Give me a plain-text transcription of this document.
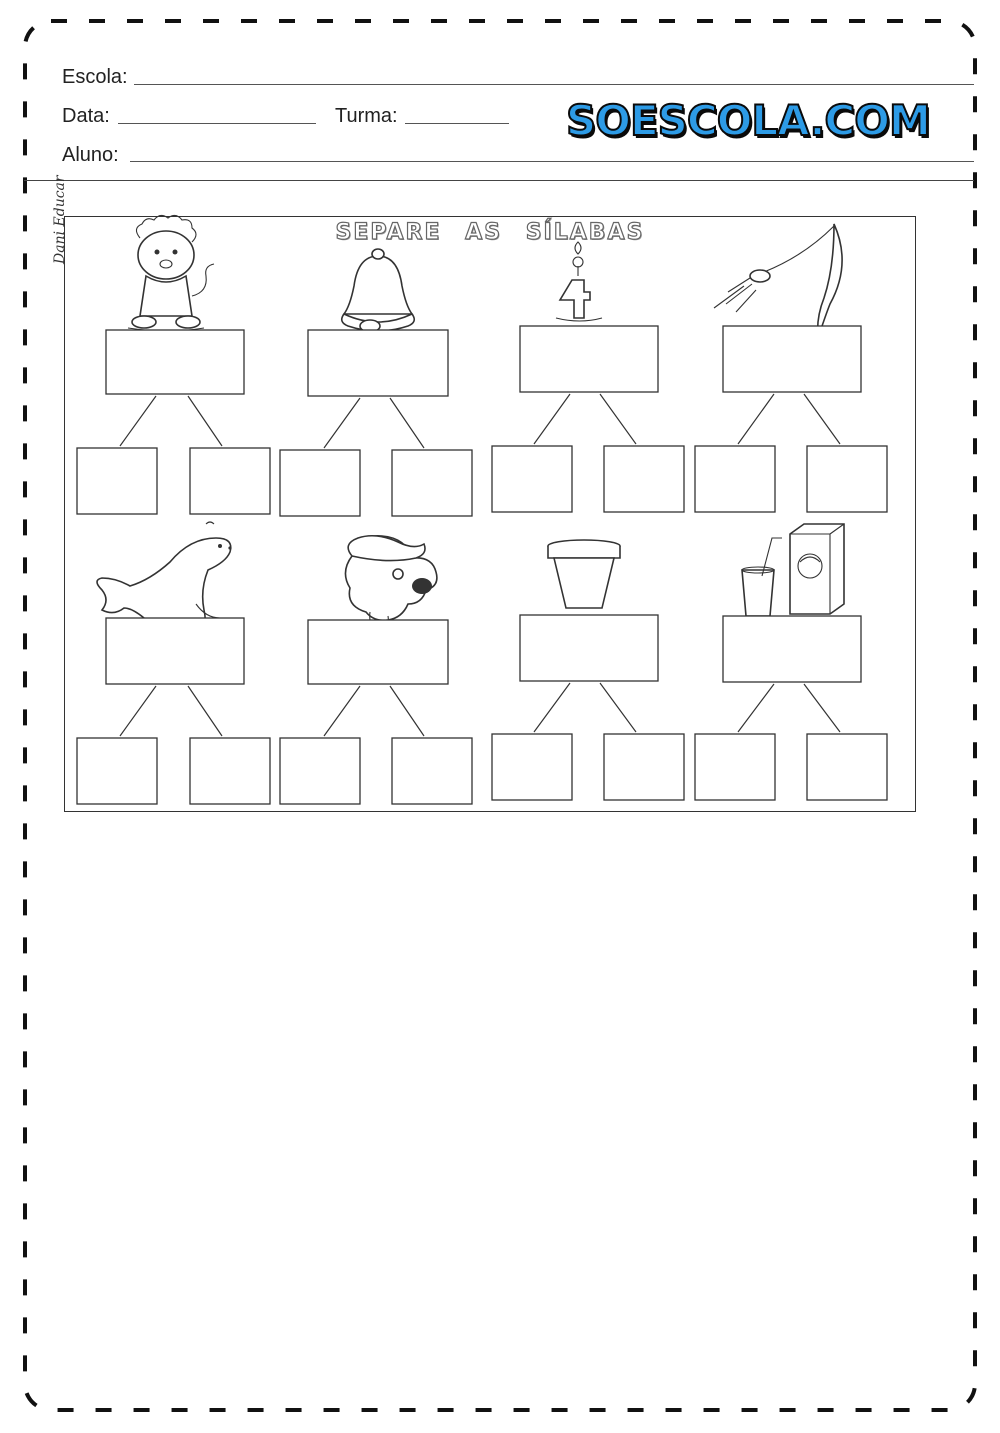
Escola:
Data:	Turma:
Aluno:
SOESCOLA.COM
SEPARE AS SÍLABAS
Dani Educar
